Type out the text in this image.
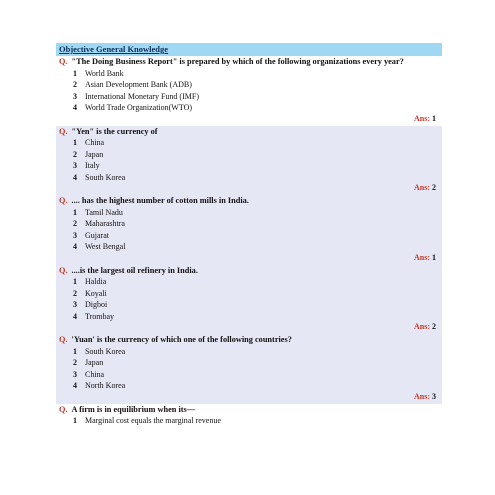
Objective General Knowledge
Q. "The Doing Business Report" is prepared by which of the following organizations every year?
1	World Bank
2	Asian Development Bank (ADB)
3	International Monetary Fund (IMF)
4	World Trade Organization(WTO)
Ans: 1
Q. "Yen" is the currency of
1	China
2	Japan
3	Italy
4	South Korea
Ans: 2
Q. .... has the highest number of cotton mills in India.
1	Tamil Nadu
2	Maharashtra
3	Gujarat
4	West Bengal
Ans: 1
Q. ....is the largest oil refinery in India.
1	Haldia
2	Koyali
3	Digboi
4	Trombay
Ans: 2
Q. 'Yuan' is the currency of which one of the following countries?
1	South Korea
2	Japan
3	China
4	North Korea
Ans: 3
Q. A firm is in equilibrium when its—
1	Marginal cost equals the marginal revenue
